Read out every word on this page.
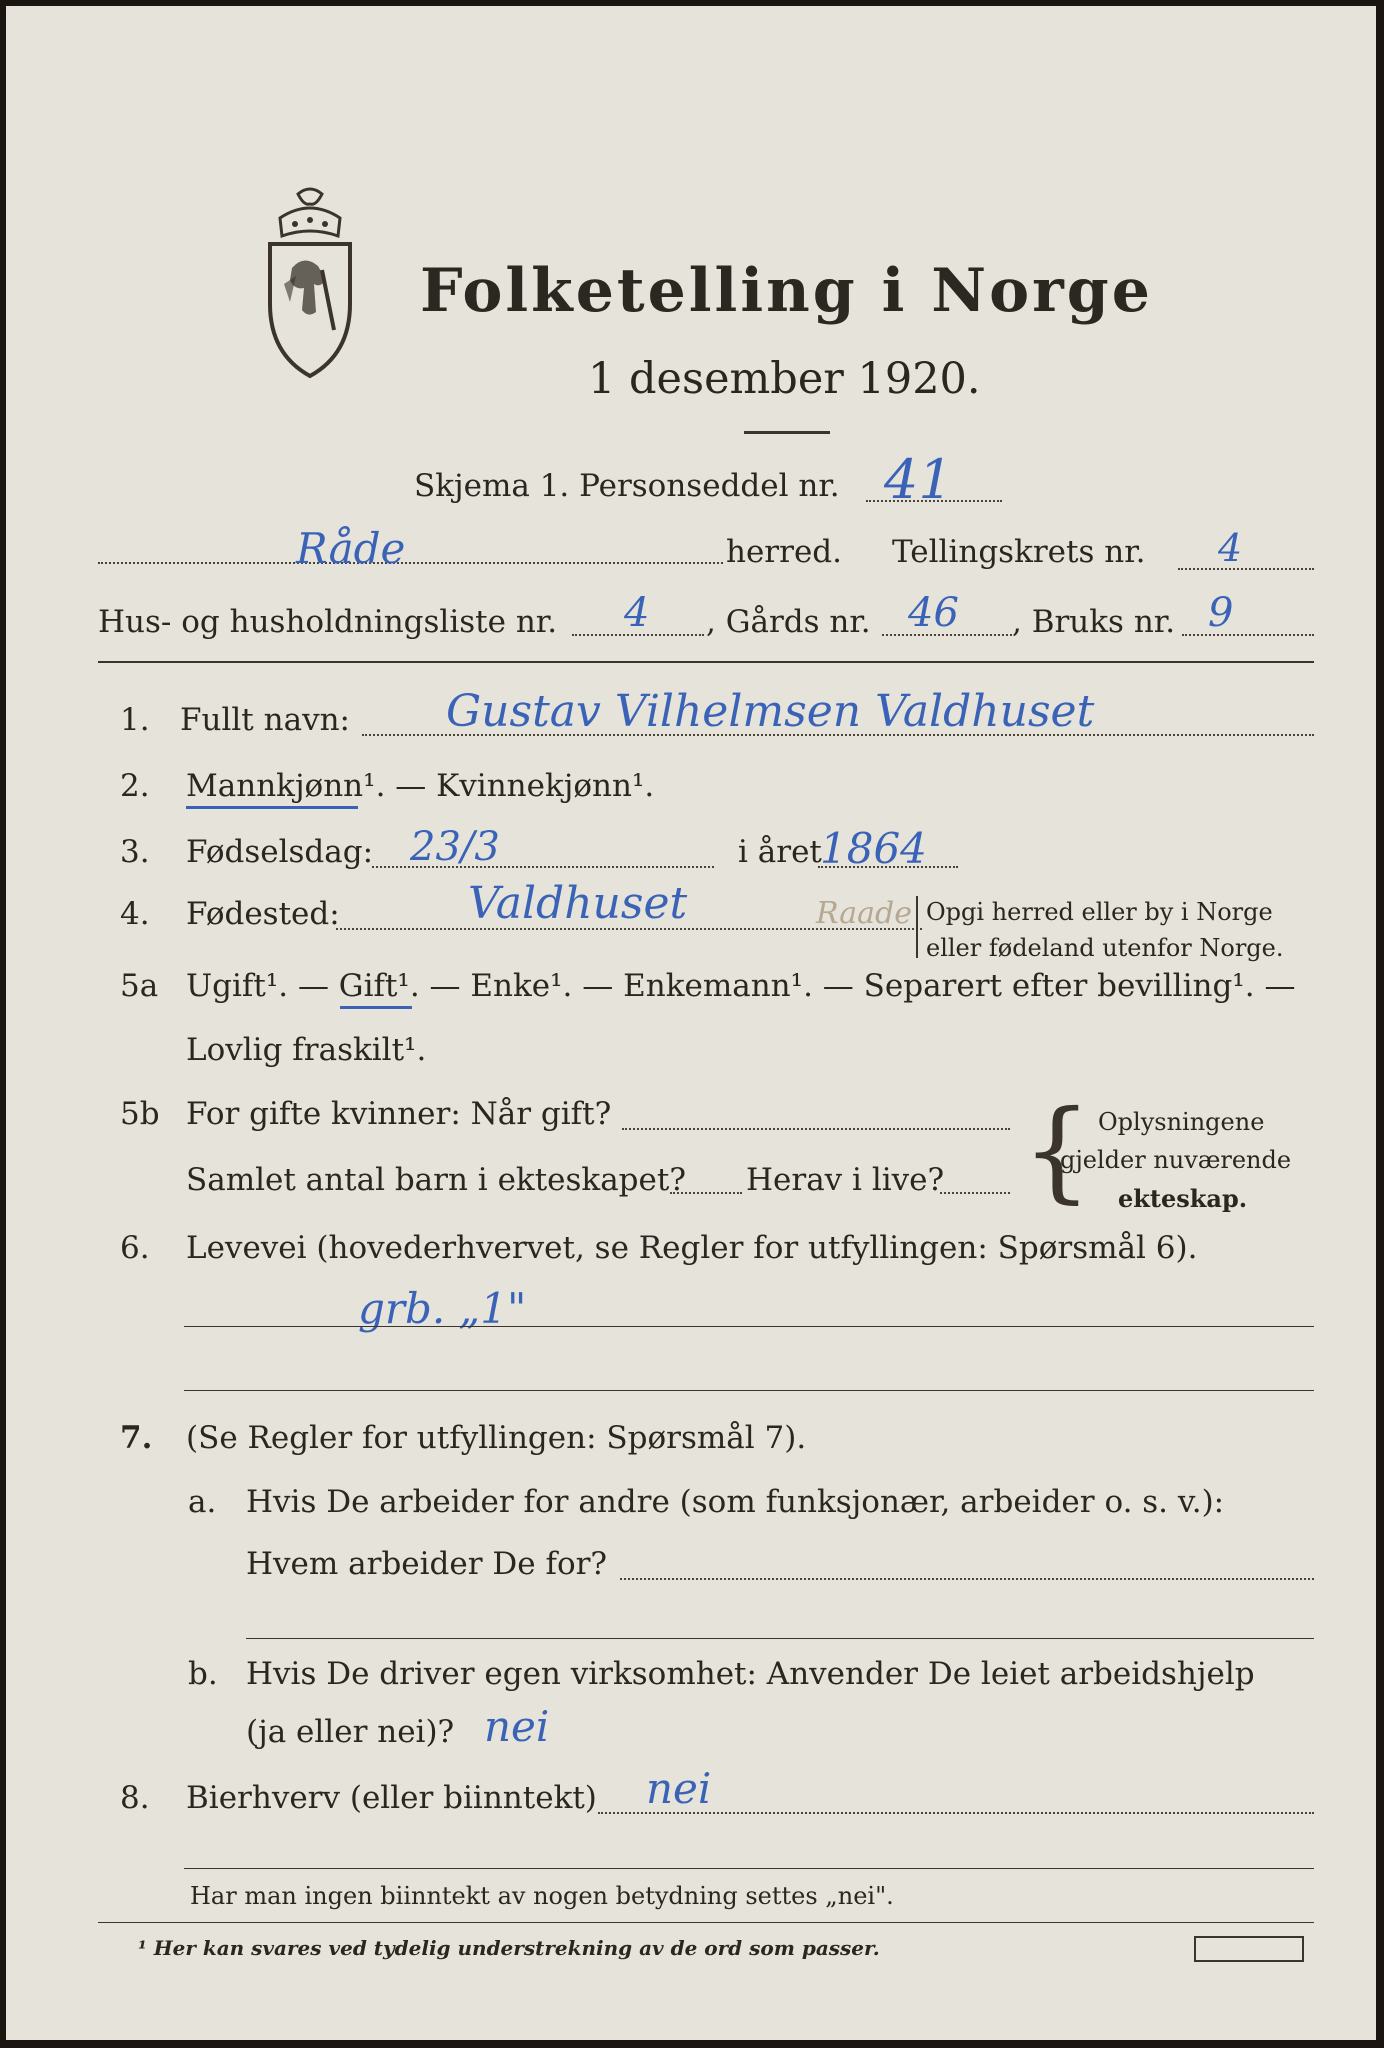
Folketelling i Norge
1 desember 1920.
Skjema 1. Personseddel nr. 41
Råde	herred. Tellingskrets nr. 4
Hus- og husholdningsliste nr. 4 , Gårds nr. 46 , Bruks nr. 9
1. Fullt navn: Gustav Vilhelmsen Valdhuset
2. Mannkjønn¹. — Kvinnekjønn¹.
3. Fødselsdag: 23/3	i året
1864
4. Fødested:	Valdhuset	Raade Opgi herred eller by i Norge
eller fødeland utenfor Norge.
5a Ugift¹. — Gift¹. — Enke¹. — Enkemann¹. — Separert efter bevilling¹. —
Lovlig fraskilt¹.
5b For gifte kvinner: Når gift?
Samlet antal barn i ekteskapet? Herav i live? { Oplysningene
gjelder nuværende
ekteskap.
6. Levevei (hovederhvervet, se Regler for utfyllingen: Spørsmål 6).
grb. „1"
7. (Se Regler for utfyllingen: Spørsmål 7).
a. Hvis De arbeider for andre (som funksjonær, arbeider o. s. v.):
Hvem arbeider De for?
b. Hvis De driver egen virksomhet: Anvender De leiet arbeidshjelp
(ja eller nei)? nei
8. Bierhverv (eller biinntekt) nei
Har man ingen biinntekt av nogen betydning settes „nei".
¹ Her kan svares ved tydelig understrekning av de ord som passer.
